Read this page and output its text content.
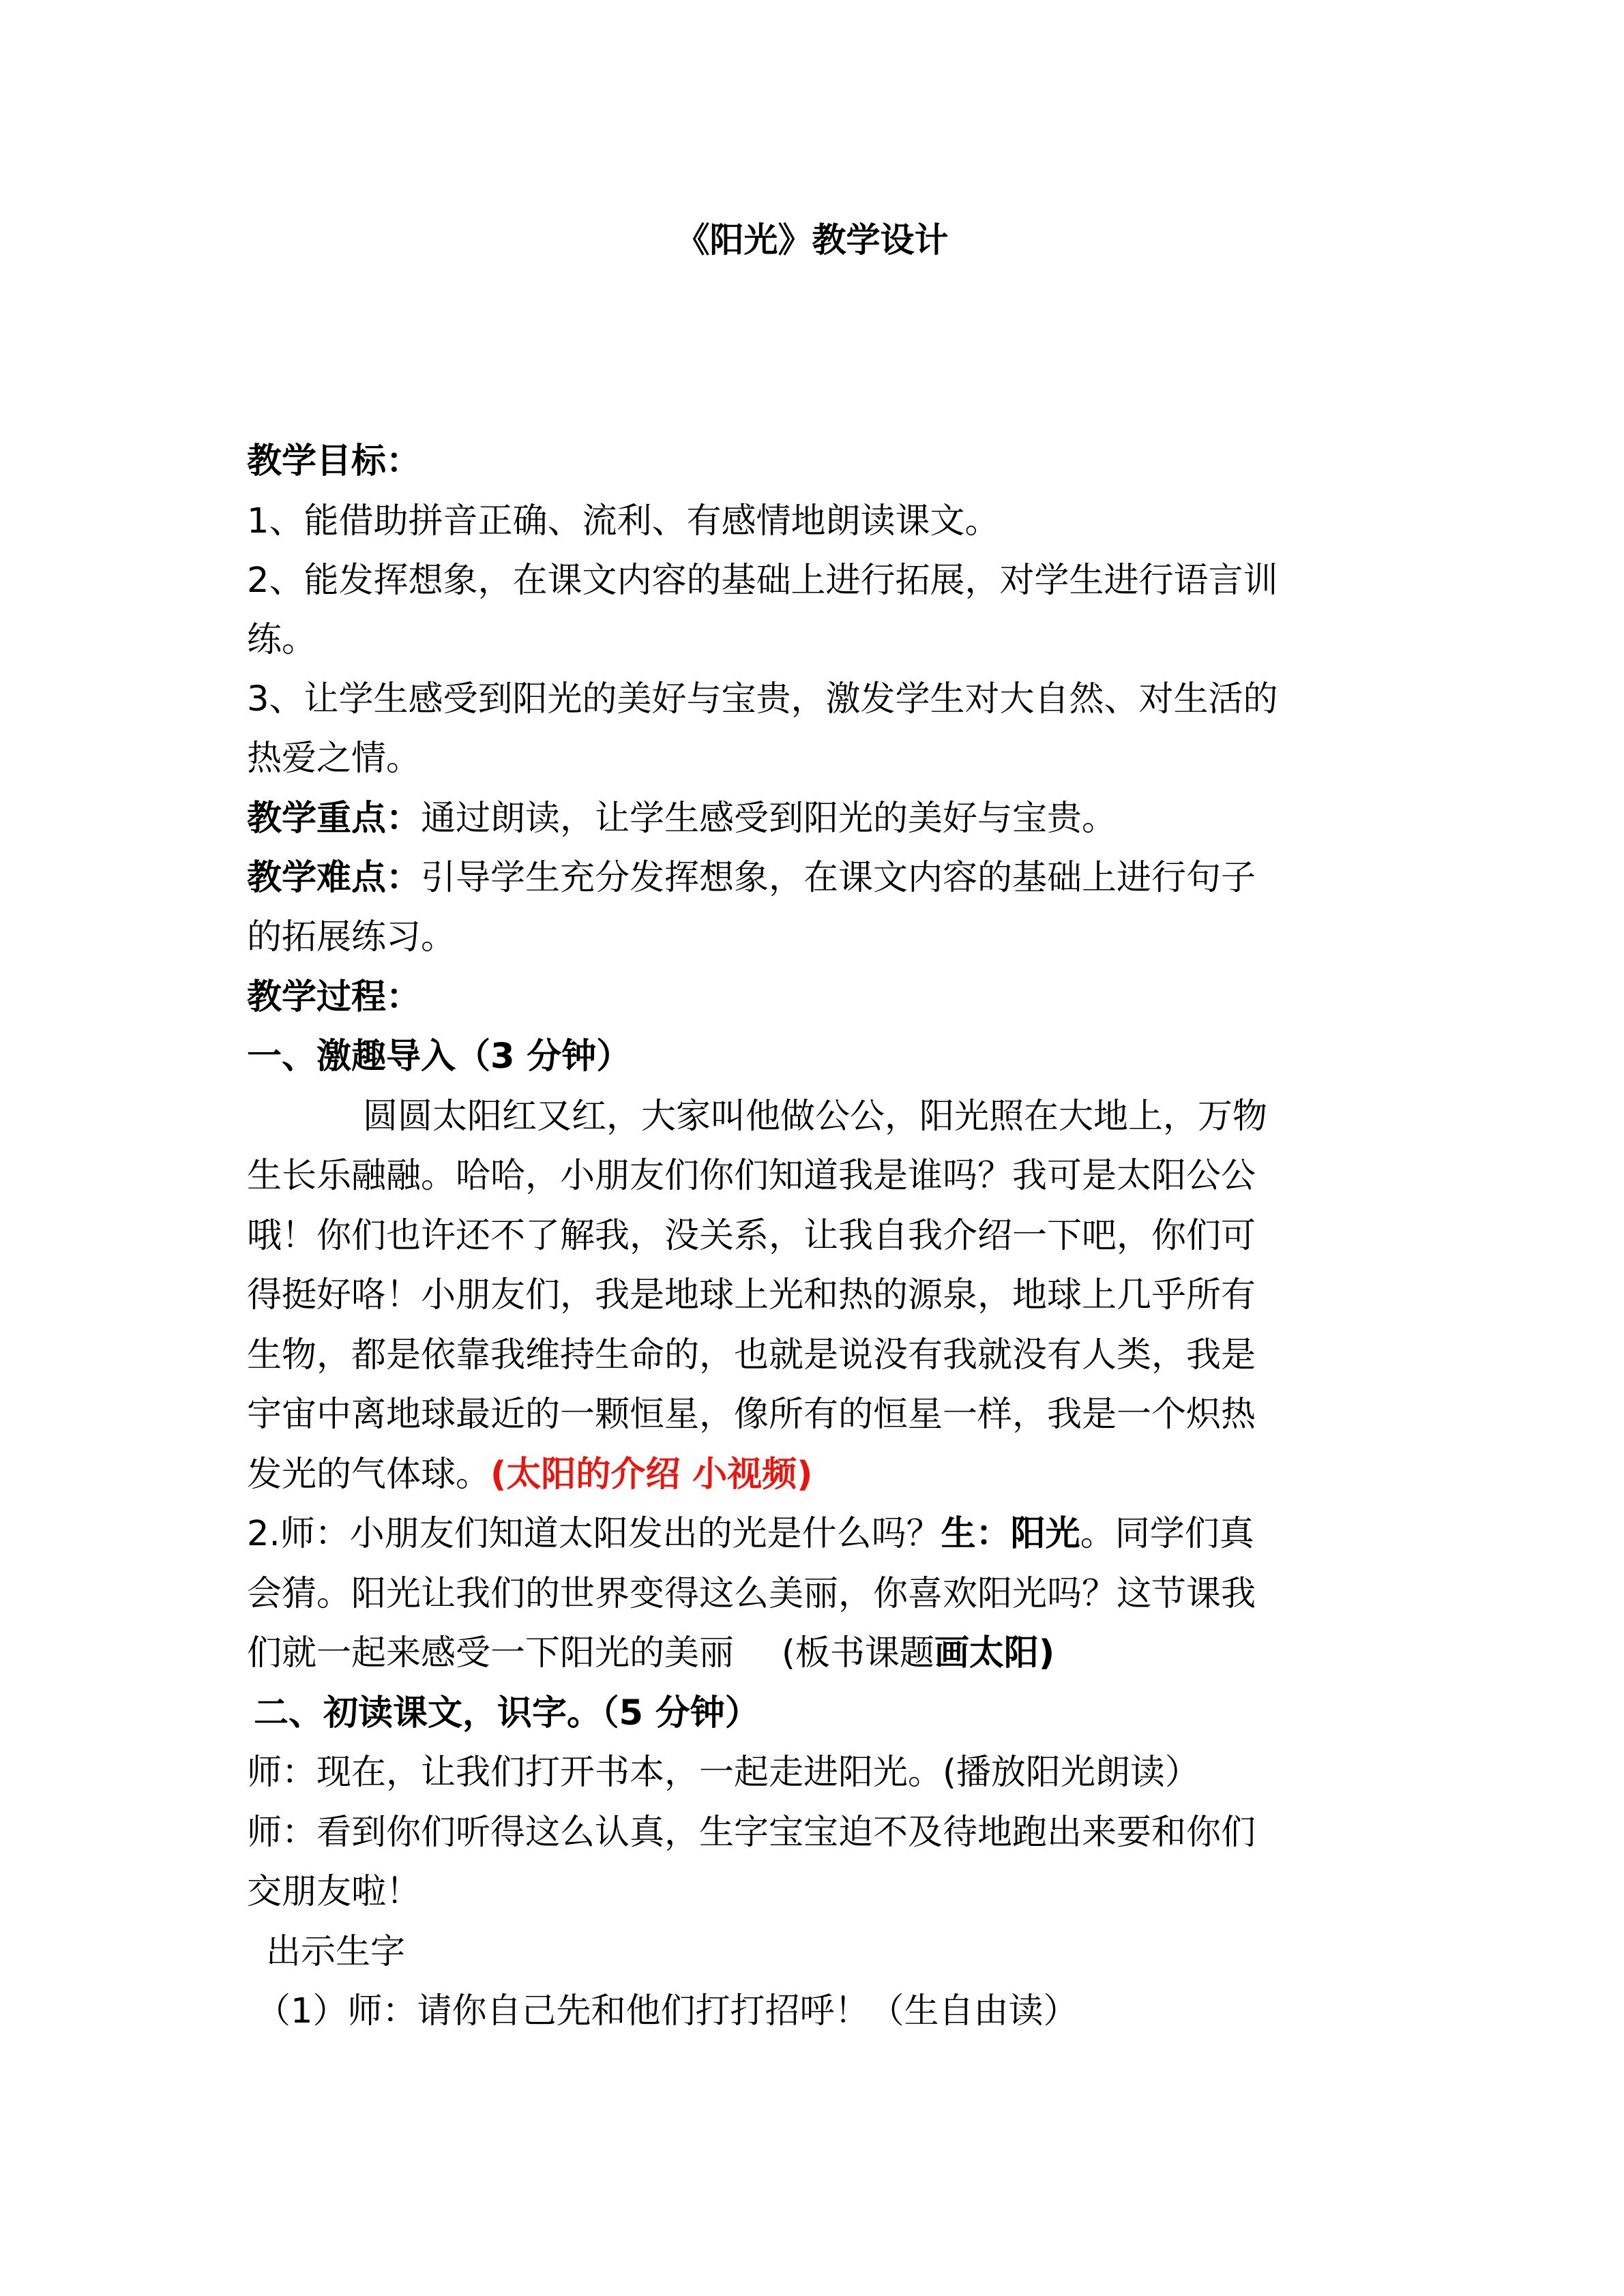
《阳光》教学设计
教学目标：
1、能借助拼音正确、流利、有感情地朗读课文。
2、能发挥想象，在课文内容的基础上进行拓展，对学生进行语言训
练。
3、让学生感受到阳光的美好与宝贵，激发学生对大自然、对生活的
热爱之情。
教学重点：通过朗读，让学生感受到阳光的美好与宝贵。
教学难点：引导学生充分发挥想象，在课文内容的基础上进行句子
的拓展练习。
教学过程：
一、激趣导入（3 分钟）
圆圆太阳红又红，大家叫他做公公，阳光照在大地上，万物
生长乐融融。哈哈，小朋友们你们知道我是谁吗？我可是太阳公公
哦！你们也许还不了解我，没关系，让我自我介绍一下吧，你们可
得挺好咯！小朋友们，我是地球上光和热的源泉，地球上几乎所有
生物，都是依靠我维持生命的，也就是说没有我就没有人类，我是
宇宙中离地球最近的一颗恒星，像所有的恒星一样，我是一个炽热
发光的气体球。(太阳的介绍 小视频)
2.师：小朋友们知道太阳发出的光是什么吗？生：阳光。同学们真
会猜。阳光让我们的世界变得这么美丽，你喜欢阳光吗？这节课我
们就一起来感受一下阳光的美丽 (板书课题画太阳)
二、初读课文，识字。（5 分钟）
师：现在，让我们打开书本，一起走进阳光。(播放阳光朗读）
师：看到你们听得这么认真，生字宝宝迫不及待地跑出来要和你们
交朋友啦！
出示生字
（1）师：请你自己先和他们打打招呼！（生自由读）
